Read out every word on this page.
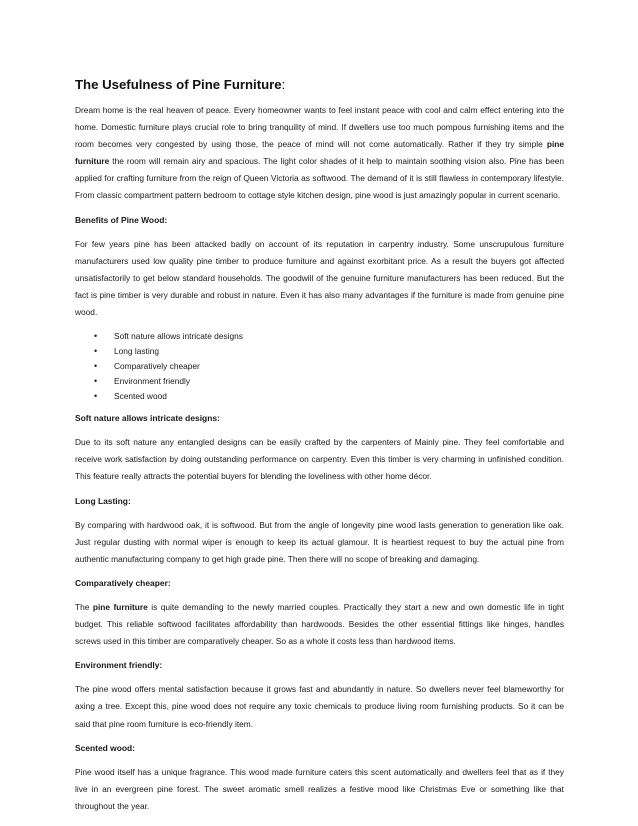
The Usefulness of Pine Furniture:

Dream home is the real heaven of peace. Every homeowner wants to feel instant peace with cool and calm effect entering into the home. Domestic furniture plays crucial role to bring tranquility of mind. If dwellers use too much pompous furnishing items and the room becomes very congested by using those, the peace of mind will not come automatically. Rather if they try simple pine furniture the room will remain airy and spacious. The light color shades of it help to maintain soothing vision also. Pine has been applied for crafting furniture from the reign of Queen Victoria as softwood. The demand of it is still flawless in contemporary lifestyle. From classic compartment pattern bedroom to cottage style kitchen design, pine wood is just amazingly popular in current scenario.

Benefits of Pine Wood:

For few years pine has been attacked badly on account of its reputation in carpentry industry. Some unscrupulous furniture manufacturers used low quality pine timber to produce furniture and against exorbitant price. As a result the buyers got affected unsatisfactorily to get below standard households. The goodwill of the genuine furniture manufacturers has been reduced. But the fact is pine timber is very durable and robust in nature. Even it has also many advantages if the furniture is made from genuine pine wood.

• Soft nature allows intricate designs
• Long lasting
• Comparatively cheaper
• Environment friendly
• Scented wood
Soft nature allows intricate designs:

Due to its soft nature any entangled designs can be easily crafted by the carpenters of Mainly pine. They feel comfortable and receive work satisfaction by doing outstanding performance on carpentry. Even this timber is very charming in unfinished condition. This feature really attracts the potential buyers for blending the loveliness with other home décor.

Long Lasting:

By comparing with hardwood oak, it is softwood. But from the angle of longevity pine wood lasts generation to generation like oak. Just regular dusting with normal wiper is enough to keep its actual glamour. It is heartiest request to buy the actual pine from authentic manufacturing company to get high grade pine. Then there will no scope of breaking and damaging.

Comparatively cheaper:

The pine furniture is quite demanding to the newly married couples. Practically they start a new and own domestic life in tight budget. This reliable softwood facilitates affordability than hardwoods. Besides the other essential fittings like hinges, handles screws used in this timber are comparatively cheaper. So as a whole it costs less than hardwood items.

Environment friendly:

The pine wood offers mental satisfaction because it grows fast and abundantly in nature. So dwellers never feel blameworthy for axing a tree. Except this, pine wood does not require any toxic chemicals to produce living room furnishing products. So it can be said that pine room furniture is eco-friendly item.

Scented wood:

Pine wood itself has a unique fragrance. This wood made furniture caters this scent automatically and dwellers feel that as if they live in an evergreen pine forest. The sweet aromatic smell realizes a festive mood like Christmas Eve or something like that throughout the year.
